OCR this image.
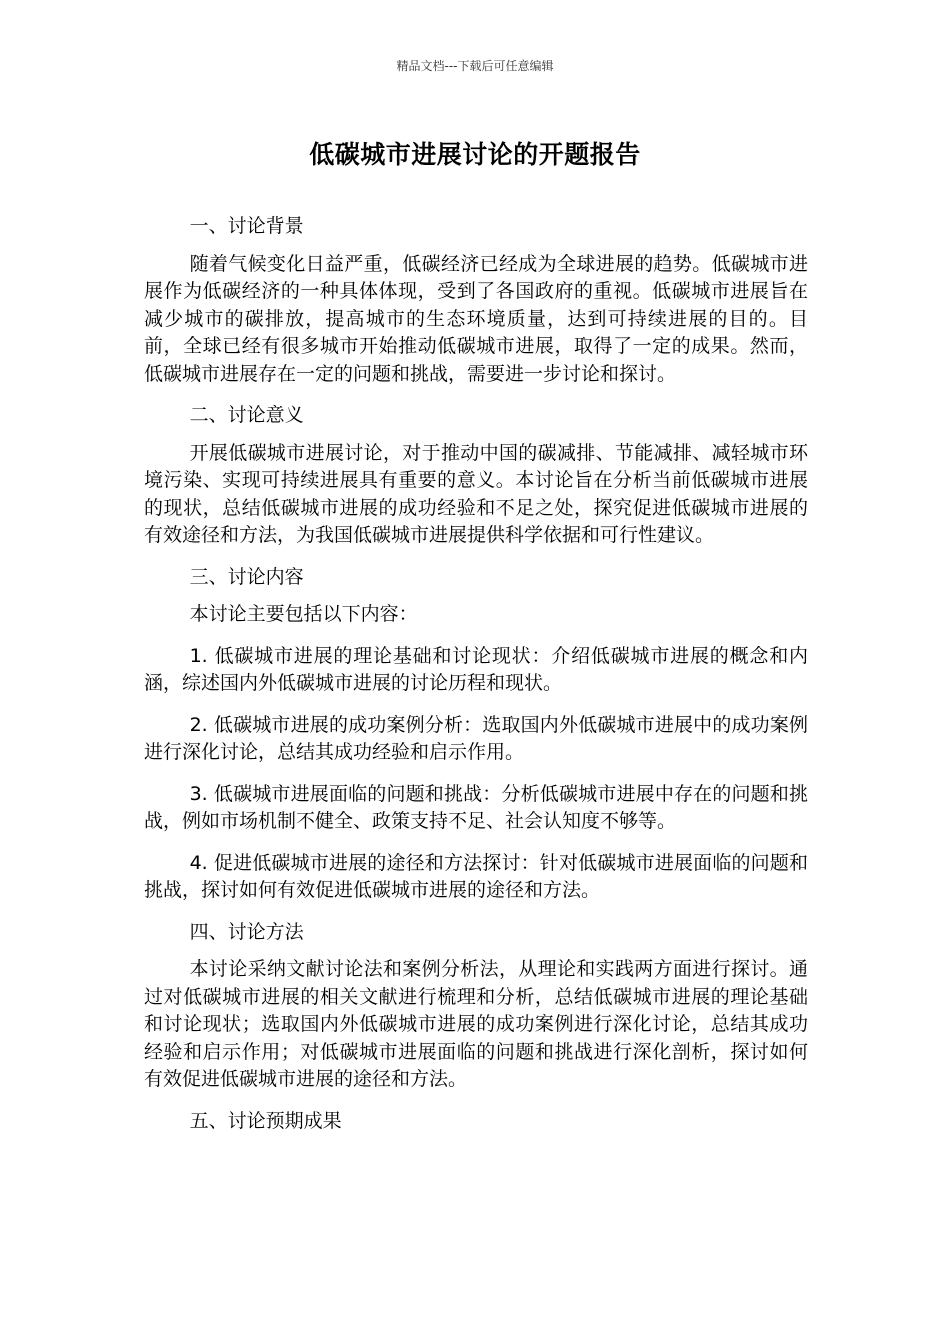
精品文档---下载后可任意编辑
低碳城市进展讨论的开题报告

一、讨论背景

随着气候变化日益严重，低碳经济已经成为全球进展的趋势。低碳城市进展作为低碳经济的一种具体体现，受到了各国政府的重视。低碳城市进展旨在减少城市的碳排放，提高城市的生态环境质量，达到可持续进展的目的。目前，全球已经有很多城市开始推动低碳城市进展，取得了一定的成果。然而，低碳城市进展存在一定的问题和挑战，需要进一步讨论和探讨。

二、讨论意义

开展低碳城市进展讨论，对于推动中国的碳减排、节能减排、减轻城市环境污染、实现可持续进展具有重要的意义。本讨论旨在分析当前低碳城市进展的现状，总结低碳城市进展的成功经验和不足之处，探究促进低碳城市进展的有效途径和方法，为我国低碳城市进展提供科学依据和可行性建议。

三、讨论内容

本讨论主要包括以下内容：

1. 低碳城市进展的理论基础和讨论现状：介绍低碳城市进展的概念和内涵，综述国内外低碳城市进展的讨论历程和现状。

2. 低碳城市进展的成功案例分析：选取国内外低碳城市进展中的成功案例进行深化讨论，总结其成功经验和启示作用。

3. 低碳城市进展面临的问题和挑战：分析低碳城市进展中存在的问题和挑战，例如市场机制不健全、政策支持不足、社会认知度不够等。

4. 促进低碳城市进展的途径和方法探讨：针对低碳城市进展面临的问题和挑战，探讨如何有效促进低碳城市进展的途径和方法。

四、讨论方法

本讨论采纳文献讨论法和案例分析法，从理论和实践两方面进行探讨。通过对低碳城市进展的相关文献进行梳理和分析，总结低碳城市进展的理论基础和讨论现状；选取国内外低碳城市进展的成功案例进行深化讨论，总结其成功经验和启示作用；对低碳城市进展面临的问题和挑战进行深化剖析，探讨如何有效促进低碳城市进展的途径和方法。

五、讨论预期成果
